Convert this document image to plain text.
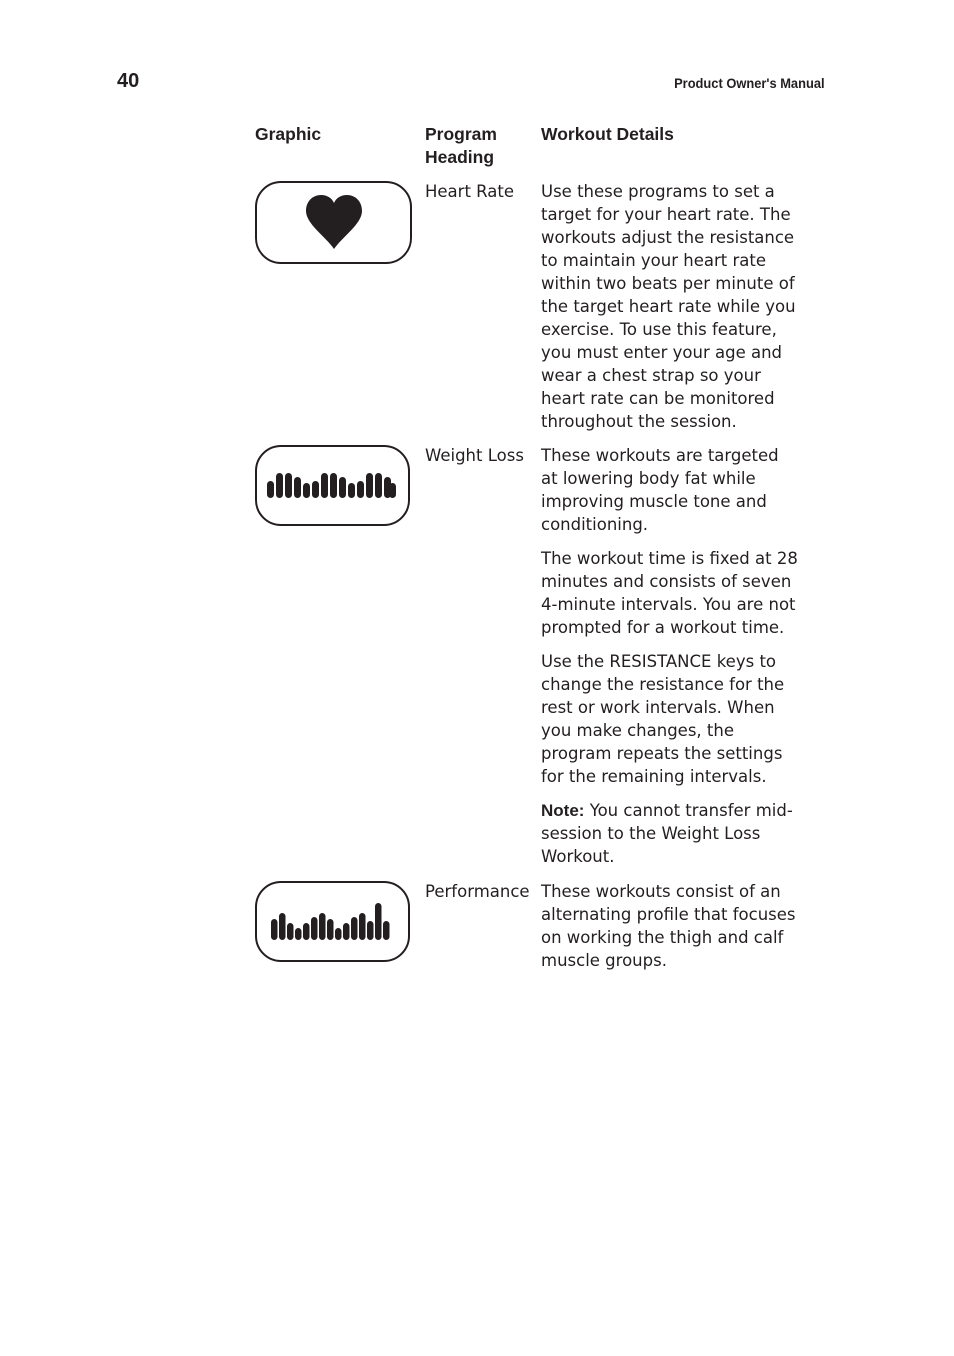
40	Product Owner's Manual
Graphic	Program Heading
Workout Details
Heart Rate Use these programs to set a target for your heart rate. The workouts adjust the resistance to maintain your heart rate within two beats per minute of the target heart rate while you exercise. To use this feature, you must enter your age and wear a chest strap so your heart rate can be monitored throughout the session.

Weight Loss These workouts are targeted at lowering body fat while improving muscle tone and conditioning.

The workout time is fixed at 28 minutes and consists of seven 4-minute intervals. You are not prompted for a workout time.

Use the RESISTANCE keys to change the resistance for the rest or work intervals. When you make changes, the program repeats the settings for the remaining intervals.

Note: You cannot transfer mid-session to the Weight Loss Workout.

Performance These workouts consist of an alternating profile that focuses on working the thigh and calf muscle groups.
